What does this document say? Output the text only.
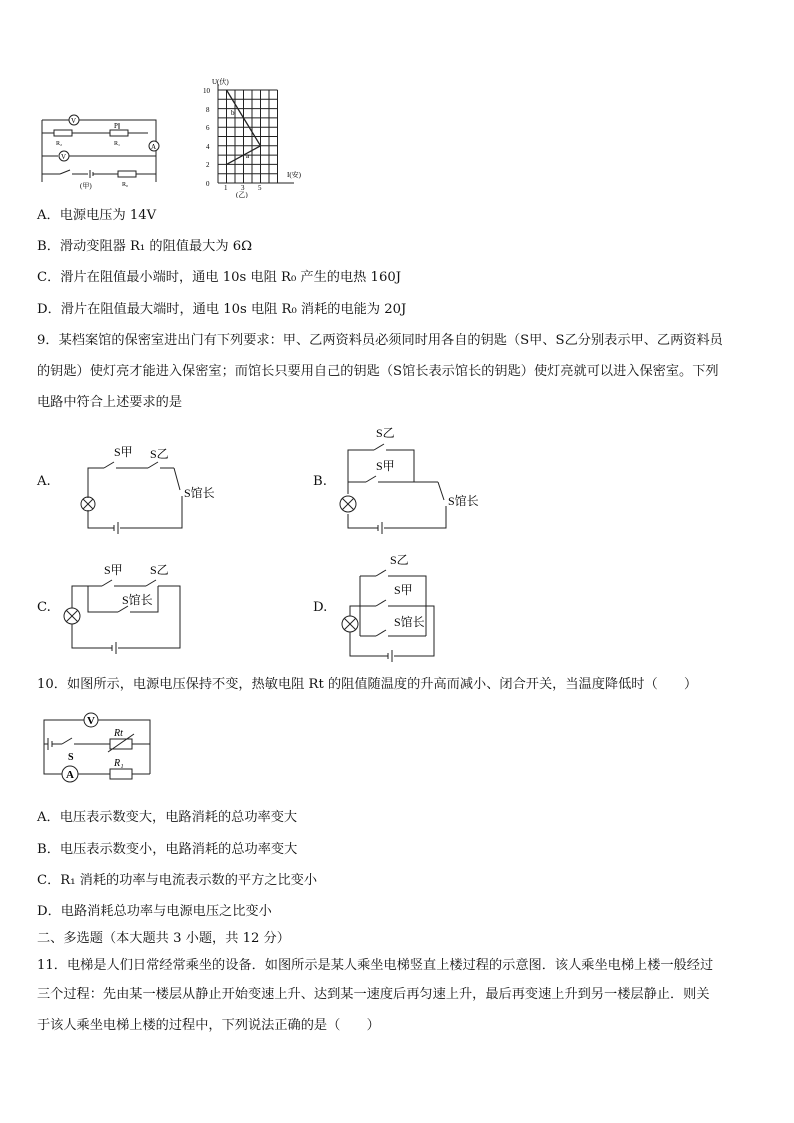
V
P
R₂	R₁	A
V
(甲)	R₀
U(伏)
I(安)
10
8
6
4
2
0 1 3 5
(乙)
b
a
A．电源电压为 14V
B．滑动变阻器 R₁ 的阻值最大为 6Ω
C．滑片在阻值最小端时，通电 10s 电阻 R₀ 产生的电热 160J
D．滑片在阻值最大端时，通电 10s 电阻 R₀ 消耗的电能为 20J
9．某档案馆的保密室进出门有下列要求：甲、乙两资料员必须同时用各自的钥匙（S甲、S乙分别表示甲、乙两资料员
的钥匙）使灯亮才能进入保密室；而馆长只要用自己的钥匙（S馆长表示馆长的钥匙）使灯亮就可以进入保密室。下列
电路中符合上述要求的是
A.
S甲 S乙
S馆长
B.
S乙
S甲
S馆长
C.
S甲 S乙
S馆长	D.
S乙
S甲
S馆长
10．如图所示，电源电压保持不变，热敏电阻 Rt 的阻值随温度的升高而减小、闭合开关，当温度降低时（　　）
V
A
S
Rt
R₁
A．电压表示数变大，电路消耗的总功率变大
B．电压表示数变小，电路消耗的总功率变大
C．R₁ 消耗的功率与电流表示数的平方之比变小
D．电路消耗总功率与电源电压之比变小
二、多选题（本大题共 3 小题，共 12 分）
11．电梯是人们日常经常乘坐的设备．如图所示是某人乘坐电梯竖直上楼过程的示意图．该人乘坐电梯上楼一般经过
三个过程：先由某一楼层从静止开始变速上升、达到某一速度后再匀速上升，最后再变速上升到另一楼层静止．则关
于该人乘坐电梯上楼的过程中，下列说法正确的是（　　）
